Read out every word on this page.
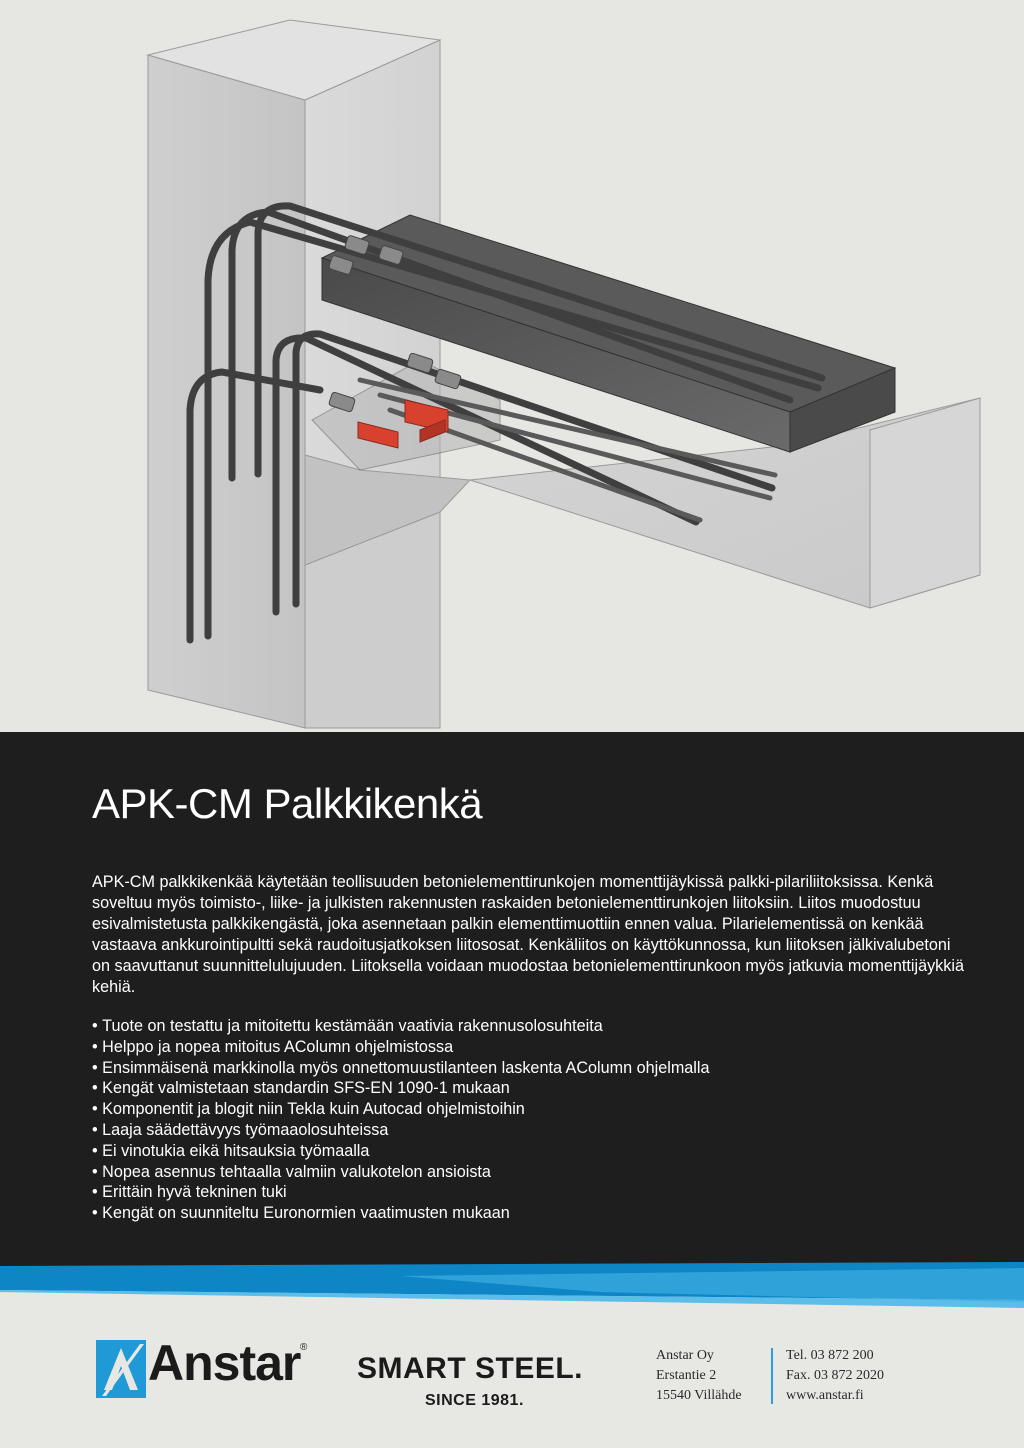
APK-CM Palkkikenkä

APK-CM palkkikenkää käytetään teollisuuden betonielementtirunkojen momenttijäykissä palkki-pilariliitoksissa. Kenkä soveltuu myös toimisto-, liike- ja julkisten rakennusten raskaiden betonielementtirunkojen liitoksiin. Liitos muodostuu esivalmistetusta palkkikengästä, joka asennetaan palkin elementtimuottiin ennen valua. Pilarielementissä on kenkää vastaava ankkurointipultti sekä raudoitusjatkoksen liitososat. Kenkäliitos on käyttökunnossa, kun liitoksen jälkivalubetoni on saavuttanut suunnittelulujuuden. Liitoksella voidaan muodostaa betonielementtirunkoon myös jatkuvia momenttijäykkiä kehiä.

• Tuote on testattu ja mitoitettu kestämään vaativia rakennusolosuhteita
• Helppo ja nopea mitoitus AColumn ohjelmistossa
• Ensimmäisenä markkinolla myös onnettomuustilanteen laskenta AColumn ohjelmalla
• Kengät valmistetaan standardin SFS-EN 1090-1 mukaan
• Komponentit ja blogit niin Tekla kuin Autocad ohjelmistoihin
• Laaja säädettävyys työmaaolosuhteissa
• Ei vinotukia eikä hitsauksia työmaalla
• Nopea asennus tehtaalla valmiin valukotelon ansioista
• Erittäin hyvä tekninen tuki
• Kengät on suunniteltu Euronormien vaatimusten mukaan
Anstar ®
SMART STEEL.
SINCE 1981.
Anstar Oy
Erstantie 2
15540 Villähde
Tel. 03 872 200
Fax. 03 872 2020
www.anstar.fi
